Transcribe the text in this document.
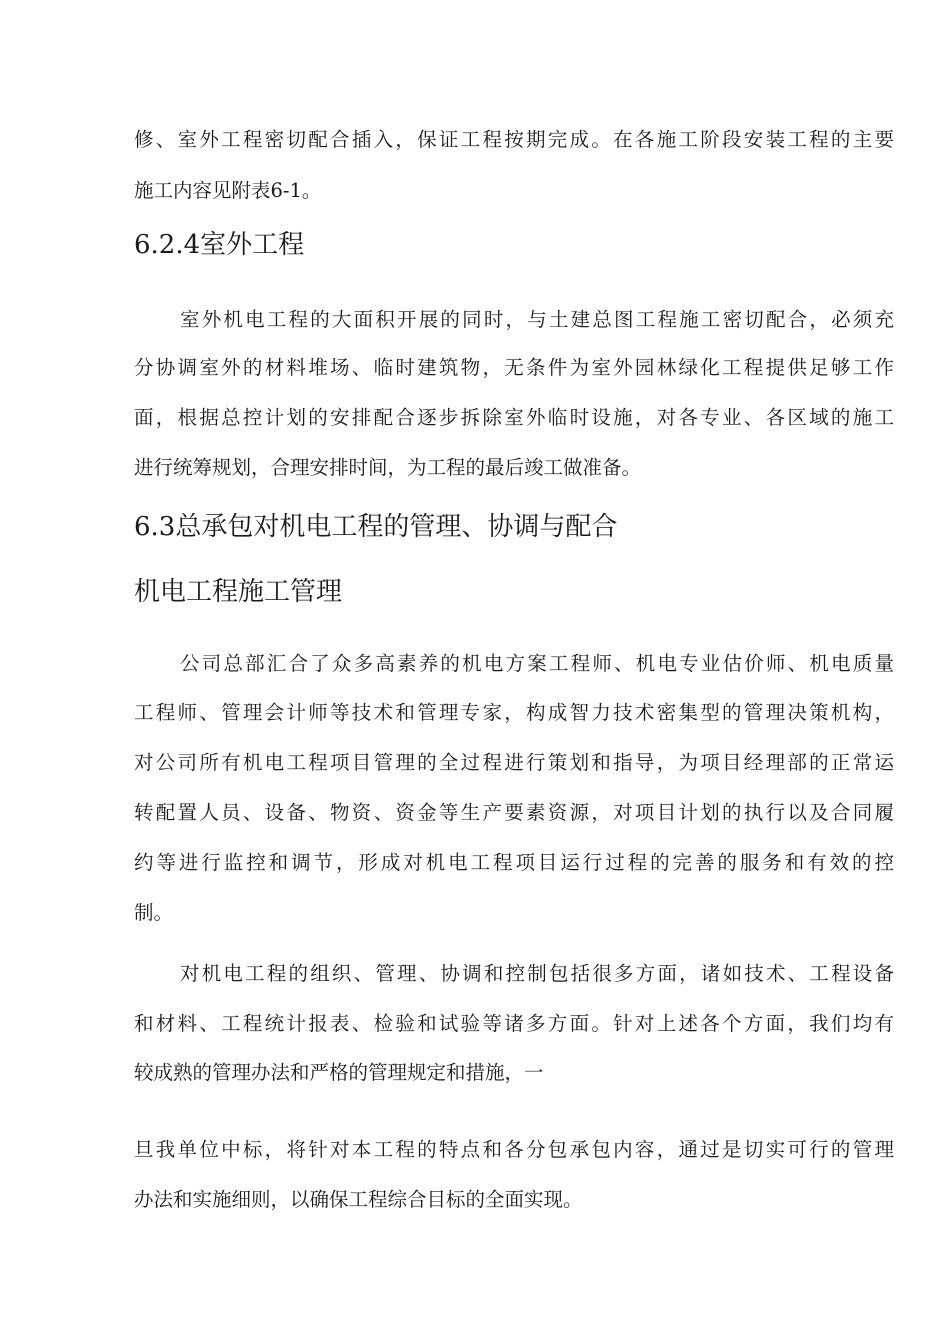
修、室外工程密切配合插入，保证工程按期完成。在各施工阶段安装工程的主要
施工内容见附表6-1。
6.2.4室外工程
室外机电工程的大面积开展的同时，与土建总图工程施工密切配合，必须充
分协调室外的材料堆场、临时建筑物，无条件为室外园林绿化工程提供足够工作
面，根据总控计划的安排配合逐步拆除室外临时设施，对各专业、各区域的施工
进行统筹规划，合理安排时间，为工程的最后竣工做准备。
6.3总承包对机电工程的管理、协调与配合
机电工程施工管理
公司总部汇合了众多高素养的机电方案工程师、机电专业估价师、机电质量
工程师、管理会计师等技术和管理专家，构成智力技术密集型的管理决策机构，
对公司所有机电工程项目管理的全过程进行策划和指导，为项目经理部的正常运
转配置人员、设备、物资、资金等生产要素资源，对项目计划的执行以及合同履
约等进行监控和调节，形成对机电工程项目运行过程的完善的服务和有效的控
制。
对机电工程的组织、管理、协调和控制包括很多方面，诸如技术、工程设备
和材料、工程统计报表、检验和试验等诸多方面。针对上述各个方面，我们均有
较成熟的管理办法和严格的管理规定和措施，一
旦我单位中标，将针对本工程的特点和各分包承包内容，通过是切实可行的管理
办法和实施细则，以确保工程综合目标的全面实现。
